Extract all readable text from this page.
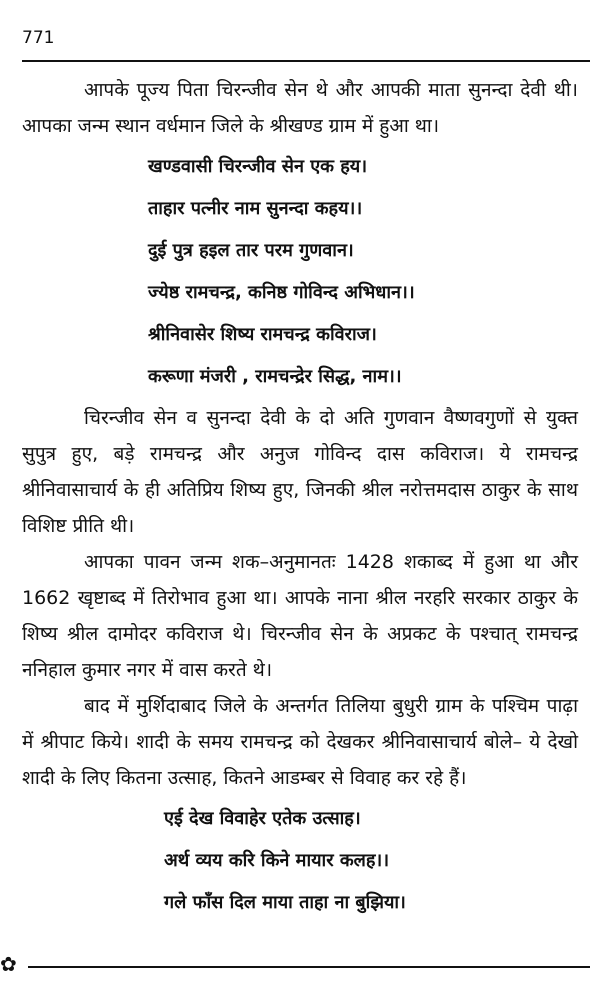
771

आपके पूज्य पिता चिरन्जीव सेन थे और आपकी माता सुनन्दा देवी थी। आपका जन्म स्थान वर्धमान जिले के श्रीखण्ड ग्राम में हुआ था।

खण्डवासी चिरन्जीव सेन एक हय।
ताहार पत्नीर नाम सुनन्दा कहय।।
दुई पुत्र हइल तार परम गुणवान।
ज्येष्ठ रामचन्द्र, कनिष्ठ गोविन्द अभिधान।।
श्रीनिवासेर शिष्य रामचन्द्र कविराज।
करूणा मंजरी , रामचन्द्रेर सिद्ध, नाम।।

चिरन्जीव सेन व सुनन्दा देवी के दो अति गुणवान वैष्णवगुणों से युक्त सुपुत्र हुए, बड़े रामचन्द्र और अनुज गोविन्द दास कविराज। ये रामचन्द्र श्रीनिवासाचार्य के ही अतिप्रिय शिष्य हुए, जिनकी श्रील नरोत्तमदास ठाकुर के साथ विशिष्ट प्रीति थी।

आपका पावन जन्म शक–अनुमानतः 1428 शकाब्द में हुआ था और 1662 खृष्टाब्द में तिरोभाव हुआ था। आपके नाना श्रील नरहरि सरकार ठाकुर के शिष्य श्रील दामोदर कविराज थे। चिरन्जीव सेन के अप्रकट के पश्चात् रामचन्द्र ननिहाल कुमार नगर में वास करते थे।

बाद में मुर्शिदाबाद जिले के अन्तर्गत तिलिया बुधुरी ग्राम के पश्चिम पाढ़ा में श्रीपाट किये। शादी के समय रामचन्द्र को देखकर श्रीनिवासाचार्य बोले– ये देखो शादी के लिए कितना उत्साह, कितने आडम्बर से विवाह कर रहे हैं।

एई देख विवाहेर एतेक उत्साह।
अर्थ व्यय करि किने मायार कलह।।
गले फाँस दिल माया ताहा ना बुझिया।
✿
